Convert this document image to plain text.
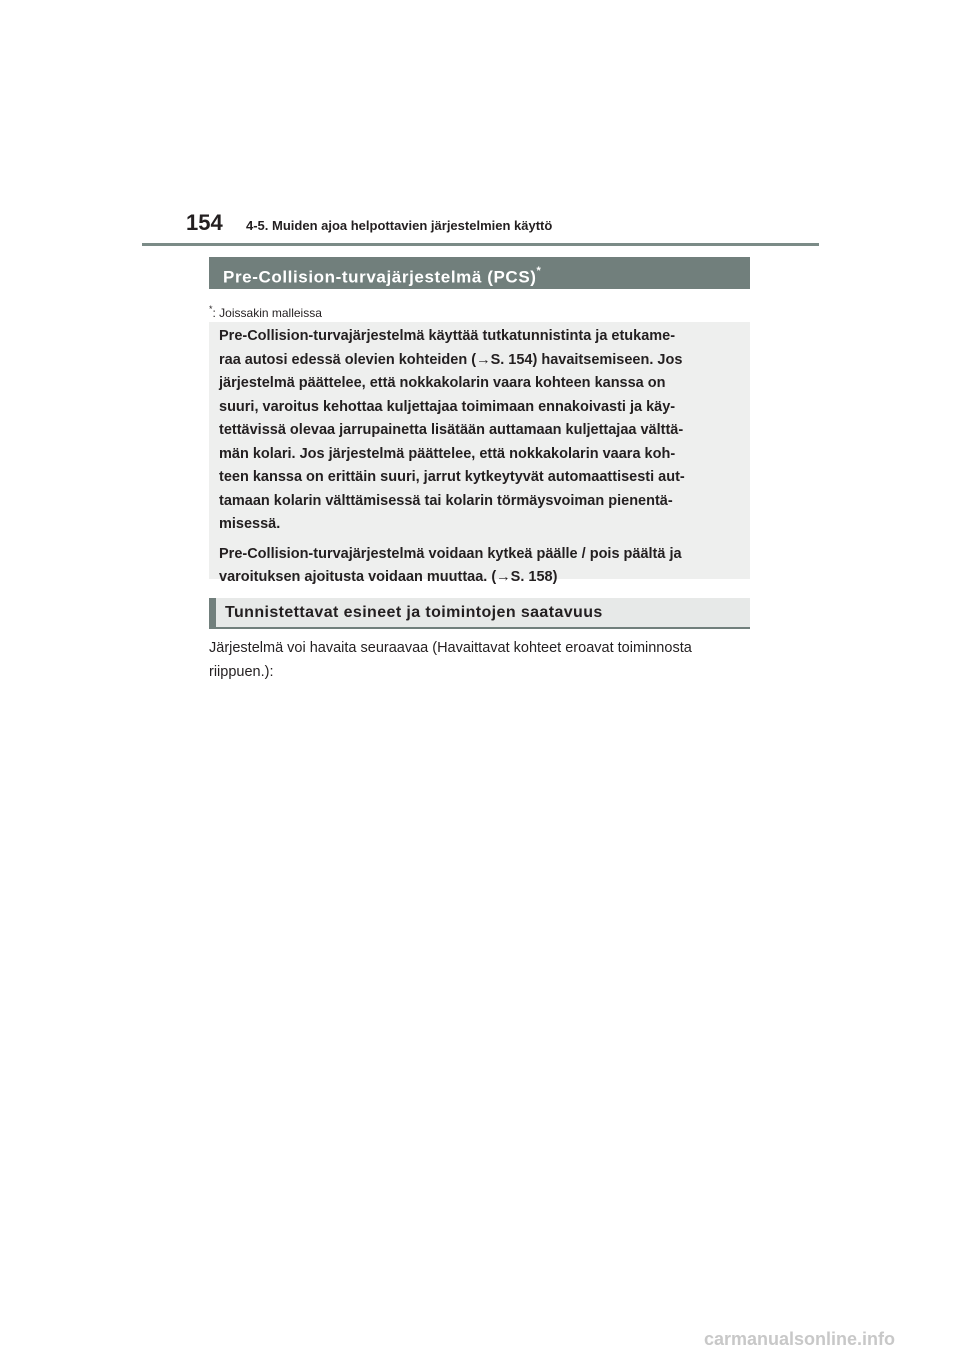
154 4-5. Muiden ajoa helpottavien järjestelmien käyttö
Pre-Collision-turvajärjestelmä (PCS)*
*: Joissakin malleissa

Pre-Collision-turvajärjestelmä käyttää tutkatunnistinta ja etukame-
raa autosi edessä olevien kohteiden (→S. 154) havaitsemiseen. Jos
järjestelmä päättelee, että nokkakolarin vaara kohteen kanssa on
suuri, varoitus kehottaa kuljettajaa toimimaan ennakoivasti ja käy-
tettävissä olevaa jarrupainetta lisätään auttamaan kuljettajaa välttä-
män kolari. Jos järjestelmä päättelee, että nokkakolarin vaara koh-
teen kanssa on erittäin suuri, jarrut kytkeytyvät automaattisesti aut-
tamaan kolarin välttämisessä tai kolarin törmäysvoiman pienentä-
misessä.

Pre-Collision-turvajärjestelmä voidaan kytkeä päälle / pois päältä ja
varoituksen ajoitusta voidaan muuttaa. (→S. 158)

Tunnistettavat esineet ja toimintojen saatavuus

Järjestelmä voi havaita seuraavaa (Havaittavat kohteet eroavat toiminnosta
riippuen.):

carmanualsonline.info
